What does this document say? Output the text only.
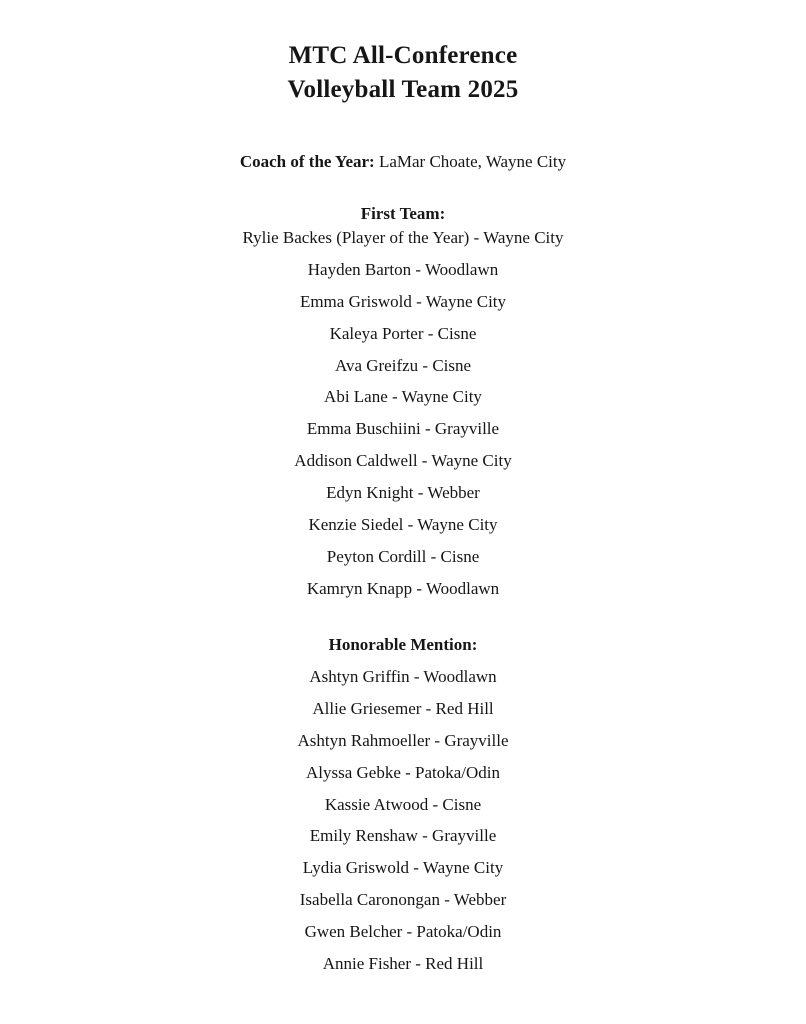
MTC All-Conference
Volleyball Team 2025
Coach of the Year: LaMar Choate, Wayne City
First Team:
Rylie Backes (Player of the Year) - Wayne City
Hayden Barton - Woodlawn
Emma Griswold - Wayne City
Kaleya Porter - Cisne
Ava Greifzu - Cisne
Abi Lane - Wayne City
Emma Buschiini - Grayville
Addison Caldwell - Wayne City
Edyn Knight - Webber
Kenzie Siedel - Wayne City
Peyton Cordill - Cisne
Kamryn Knapp - Woodlawn
Honorable Mention:
Ashtyn Griffin - Woodlawn
Allie Griesemer - Red Hill
Ashtyn Rahmoeller - Grayville
Alyssa Gebke - Patoka/Odin
Kassie Atwood - Cisne
Emily Renshaw - Grayville
Lydia Griswold - Wayne City
Isabella Caronongan - Webber
Gwen Belcher - Patoka/Odin
Annie Fisher - Red Hill
